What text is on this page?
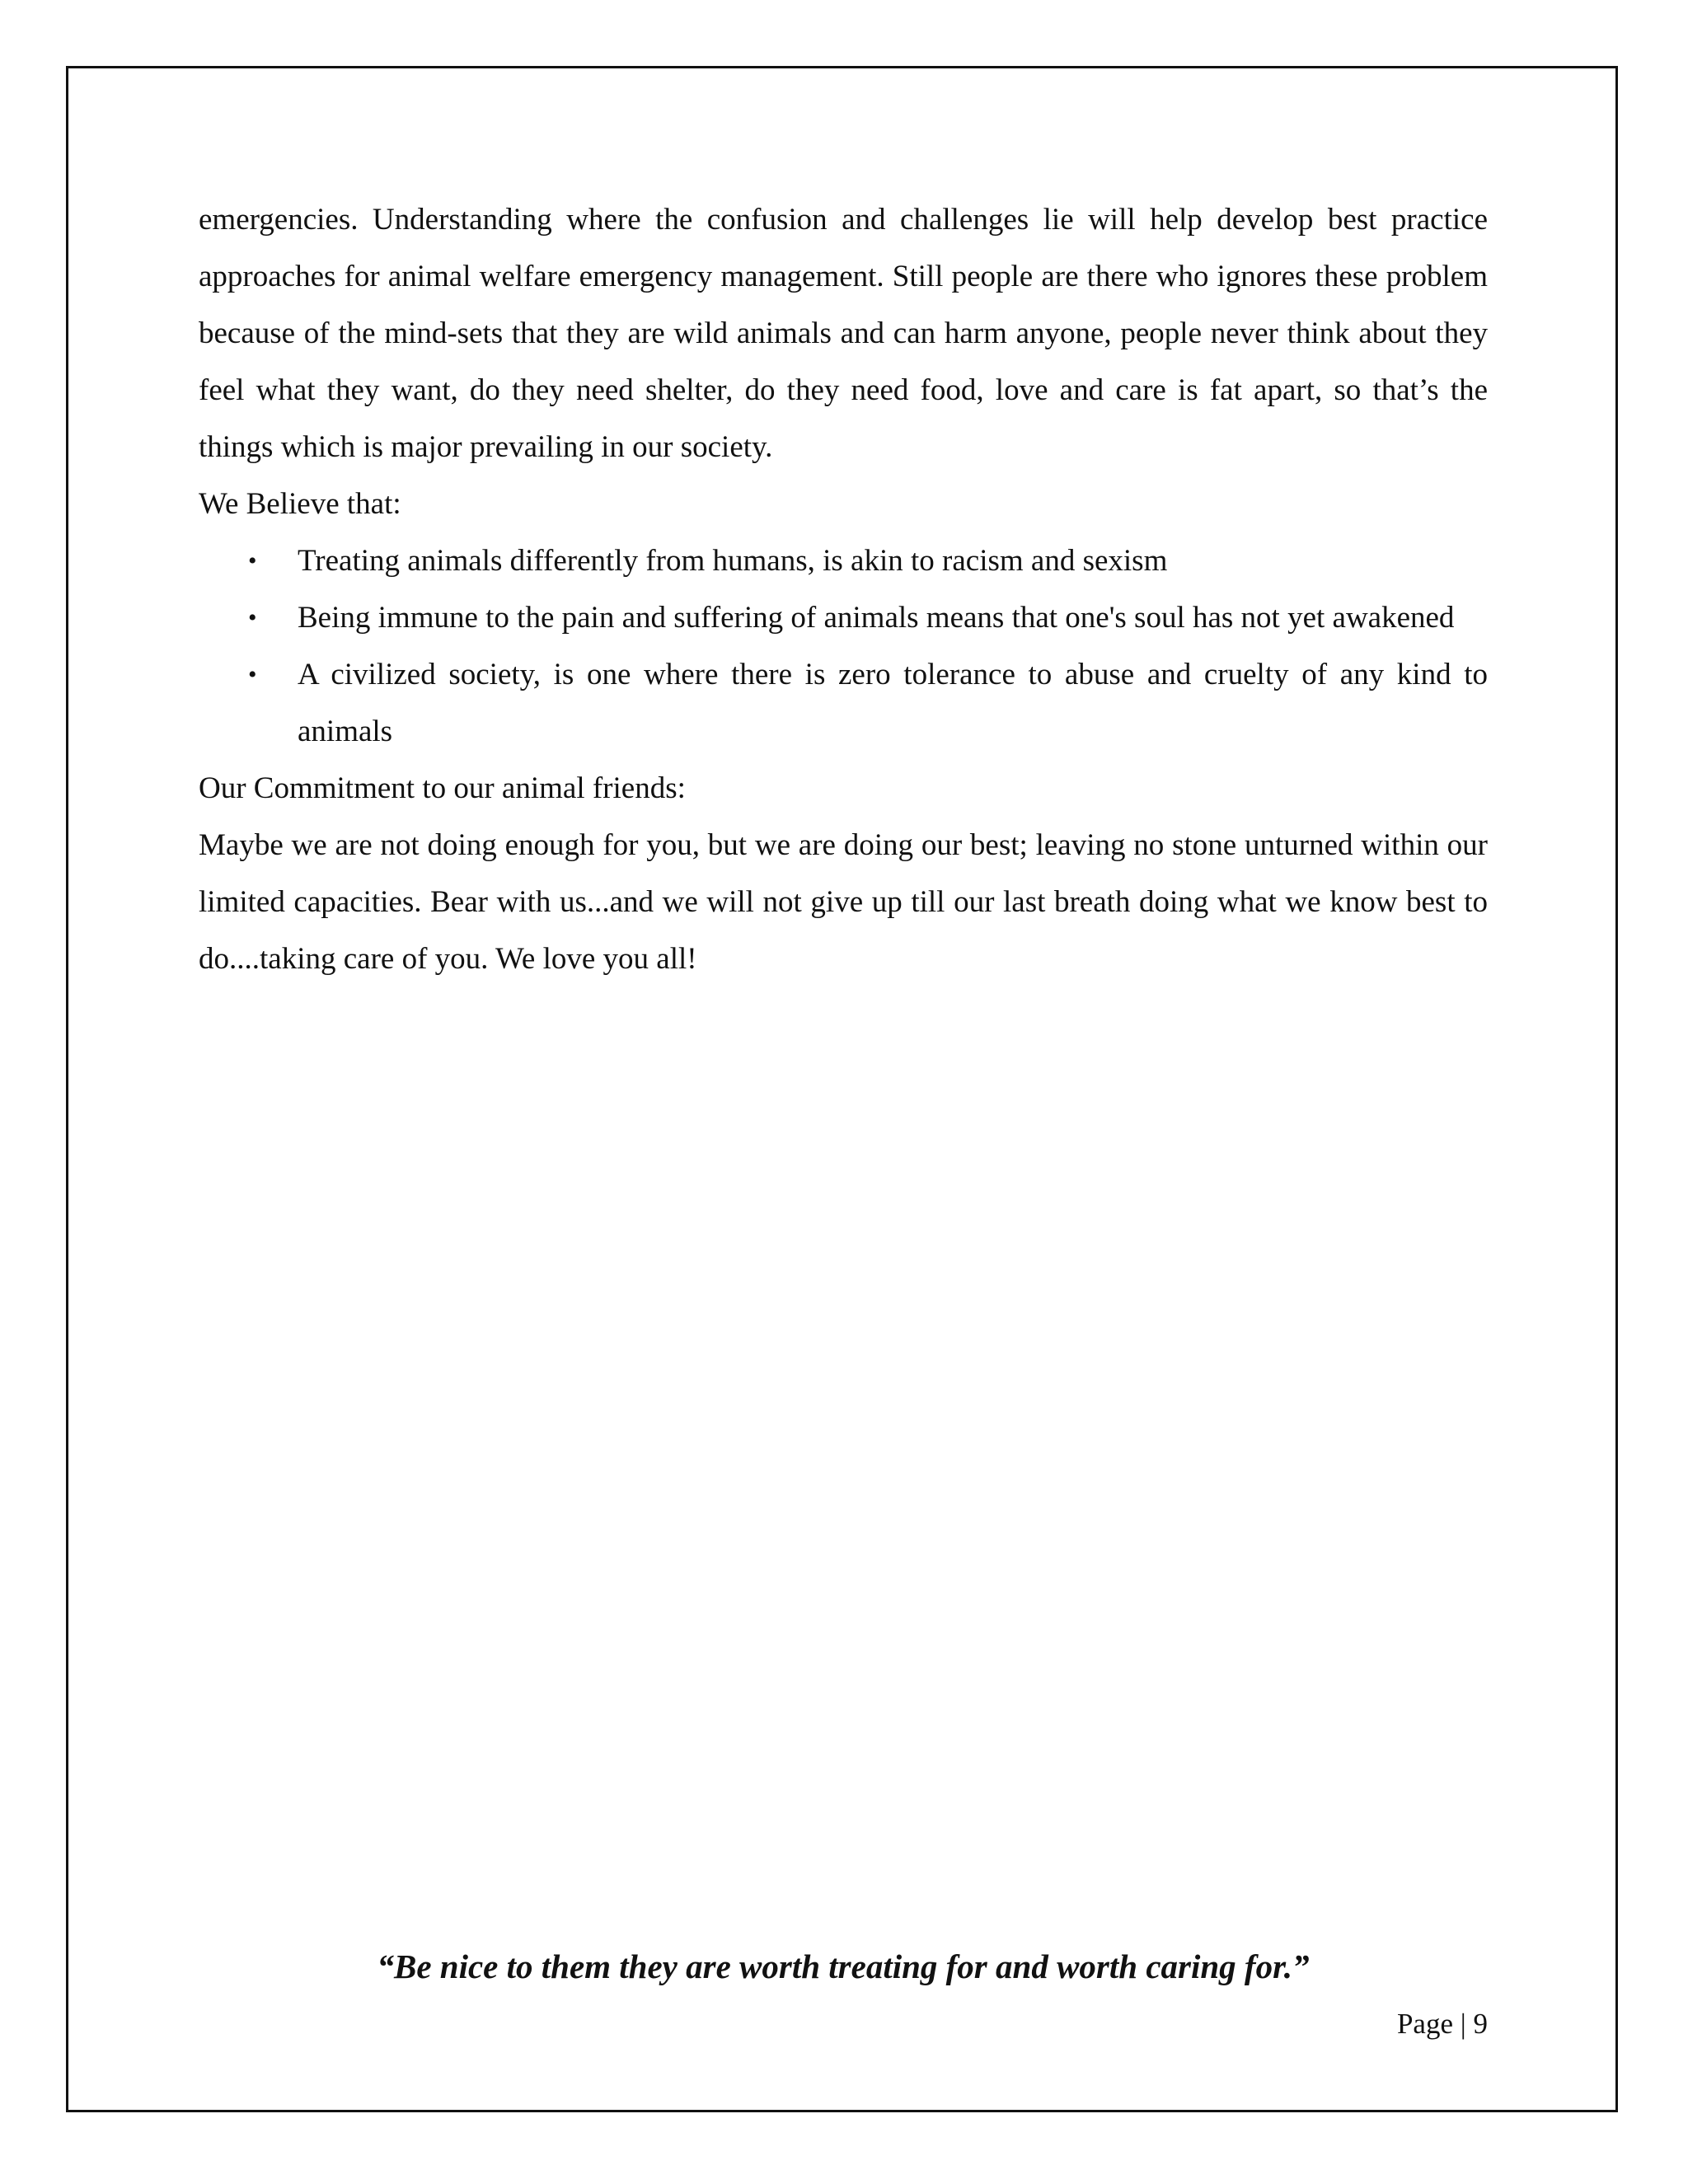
emergencies. Understanding where the confusion and challenges lie will help develop best practice approaches for animal welfare emergency management. Still people are there who ignores these problem because of the mind-sets that they are wild animals and can harm anyone, people never think about they feel what they want, do they need shelter, do they need food, love and care is fat apart, so that’s the things which is major prevailing in our society.

We Believe that:

•	Treating animals differently from humans, is akin to racism and sexism
•	Being immune to the pain and suffering of animals means that one's soul has not yet awakened
•	A civilized society, is one where there is zero tolerance to abuse and cruelty of any kind to animals

Our Commitment to our animal friends:

Maybe we are not doing enough for you, but we are doing our best; leaving no stone unturned within our limited capacities. Bear with us...and we will not give up till our last breath doing what we know best to do....taking care of you. We love you all!

“Be nice to them they are worth treating for and worth caring for.”
Page | 9
